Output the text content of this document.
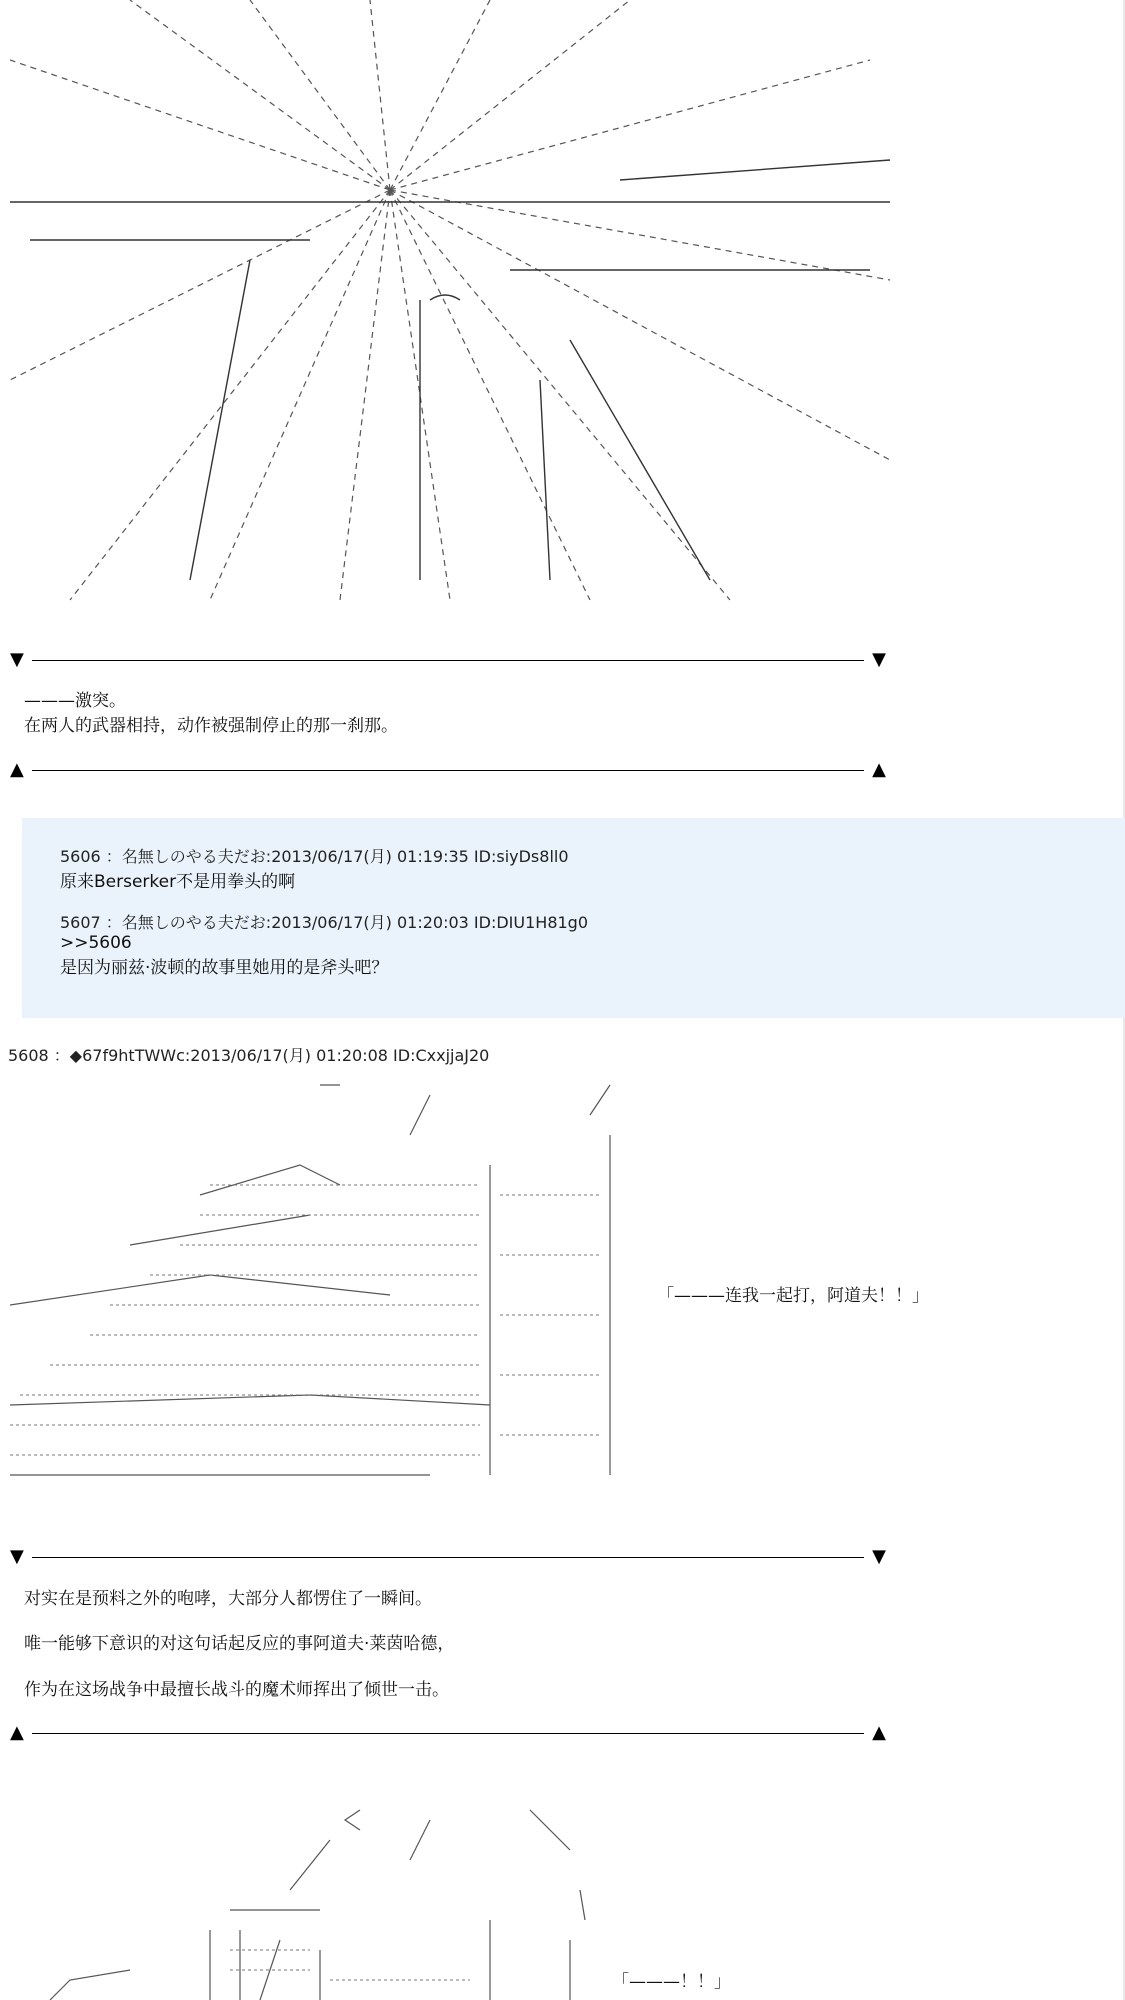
▼	▼
———激突。
在两人的武器相持，动作被强制停止的那一刹那。
▲	▲
5606 ：名無しのやる夫だお:2013/06/17(月) 01:19:35 ID:siyDs8ll0
原来Berserker不是用拳头的啊
5607 ：名無しのやる夫だお:2013/06/17(月) 01:20:03 ID:DIU1H81g0
>>5606
是因为丽兹·波顿的故事里她用的是斧头吧？
5608 ：◆67f9htTWWc:2013/06/17(月) 01:20:08 ID:CxxjjaJ20
「———连我一起打，阿道夫！！」
▼	▼
对实在是预料之外的咆哮，大部分人都愣住了一瞬间。
唯一能够下意识的对这句话起反应的事阿道夫·莱茵哈德，
作为在这场战争中最擅长战斗的魔术师挥出了倾世一击。
▲	▲
「———！！」
